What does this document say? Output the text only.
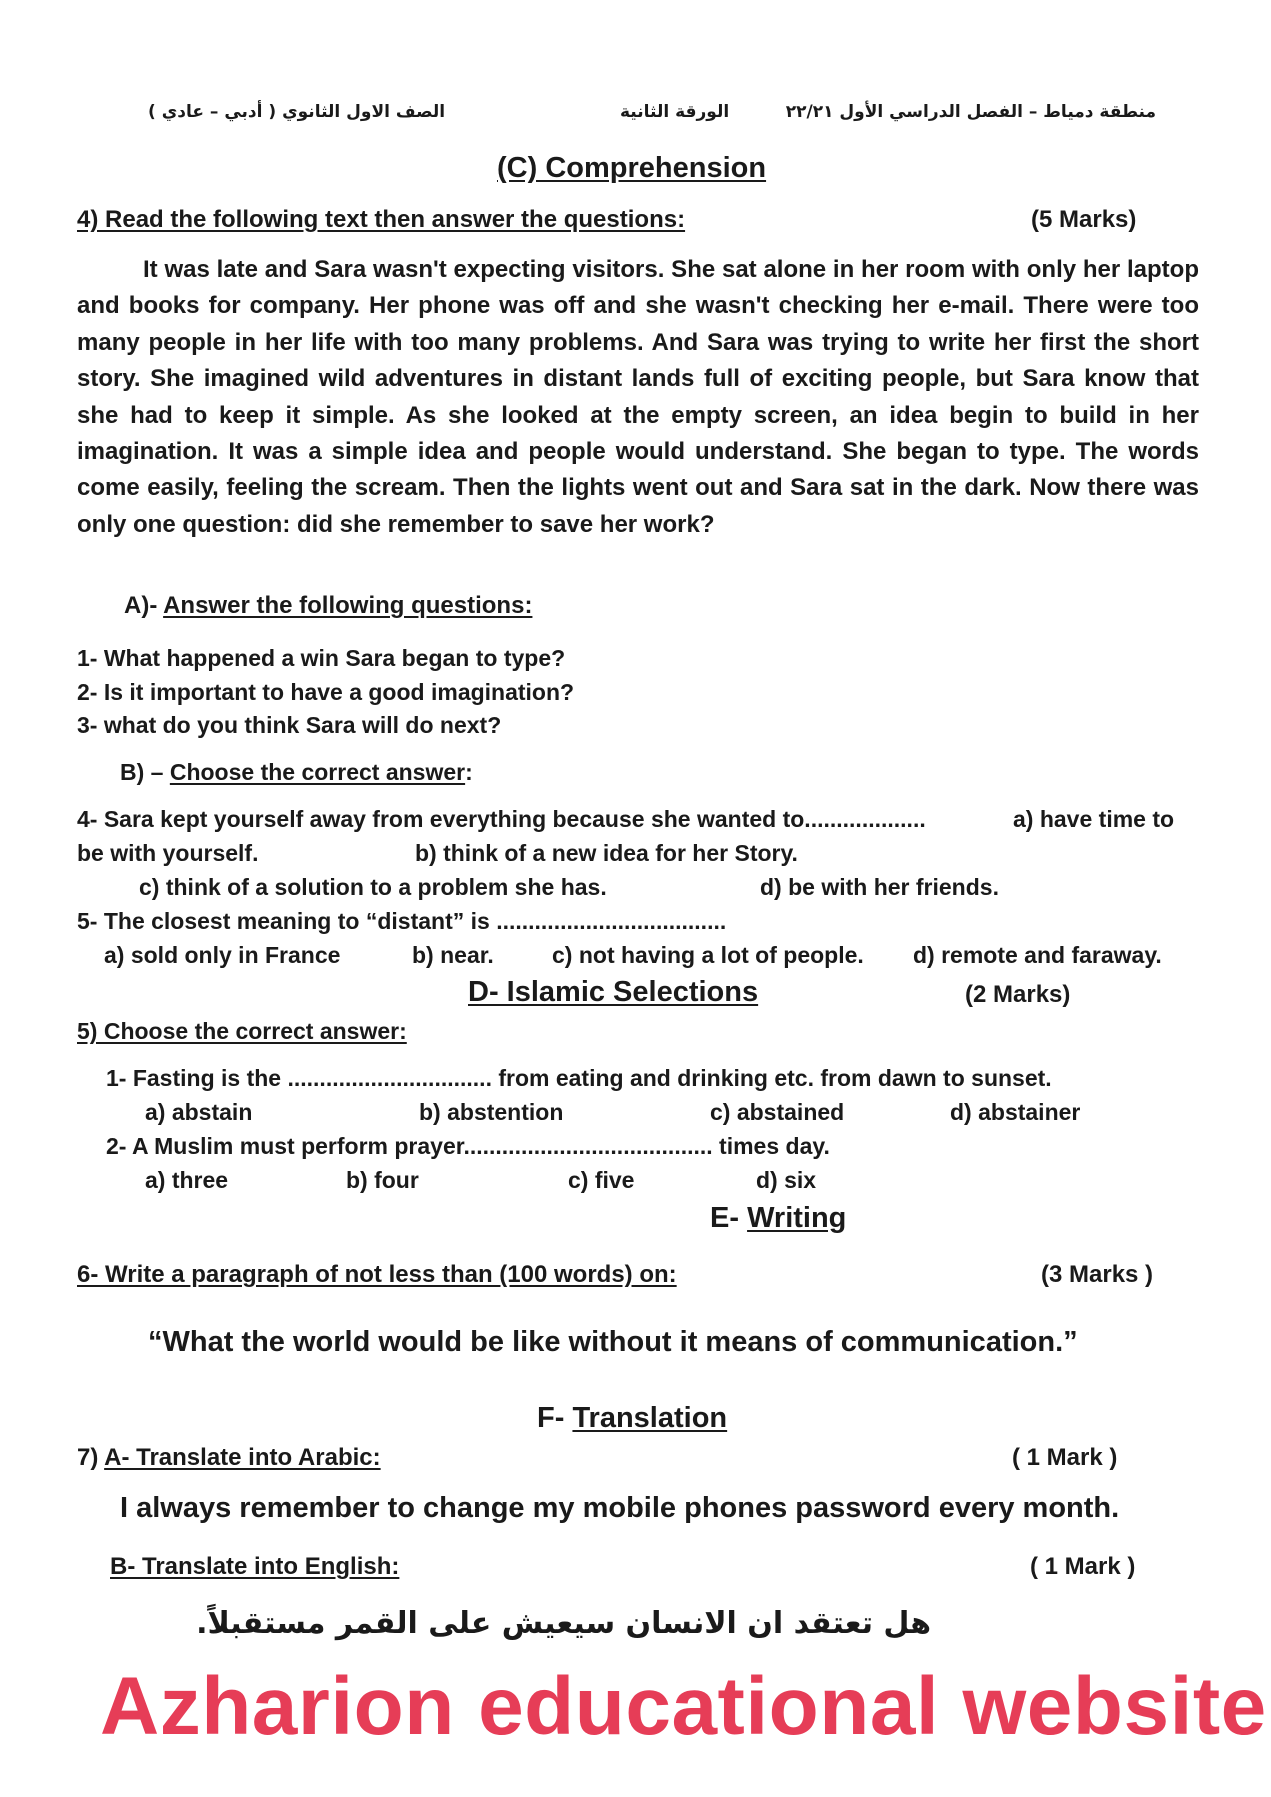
منطقة دمياط – الفصل الدراسي الأول ٢٢/٢١
الورقة الثانية
الصف الاول الثانوي ( أدبي – عادي )
(C) Comprehension
4) Read the following text then answer the questions:	(5 Marks)
It was late and Sara wasn't expecting visitors. She sat alone in her room with only her laptop and books for company. Her phone was off and she wasn't checking her e-mail. There were too many people in her life with too many problems. And Sara was trying to write her first the short story. She imagined wild adventures in distant lands full of exciting people, but Sara know that she had to keep it simple. As she looked at the empty screen, an idea begin to build in her imagination. It was a simple idea and people would understand. She began to type. The words come easily, feeling the scream. Then the lights went out and Sara sat in the dark. Now there was only one question: did she remember to save her work?
A)- Answer the following questions:
1- What happened a win Sara began to type?
2- Is it important to have a good imagination?
3- what do you think Sara will do next?
B) – Choose the correct answer:
4- Sara kept yourself away from everything because she wanted to...................	a) have time to
be with yourself.	b) think of a new idea for her Story.
c) think of a solution to a problem she has.	d) be with her friends.
5- The closest meaning to “distant” is ....................................
a) sold only in France	b) near.	c) not having a lot of people. d) remote and faraway.
D- Islamic Selections	(2 Marks)
5) Choose the correct answer:
1- Fasting is the ................................ from eating and drinking etc. from dawn to sunset.
a) abstain	b) abstention	c) abstained	d) abstainer
2- A Muslim must perform prayer....................................... times day.
a) three	b) four	c) five	d) six
E- Writing
6- Write a paragraph of not less than (100 words) on:	(3 Marks )
“What the world would be like without it means of communication.”
F- Translation
7) A- Translate into Arabic:	( 1 Mark )
I always remember to change my mobile phones password every month.
B- Translate into English:	( 1 Mark )
هل تعتقد ان الانسان سيعيش على القمر مستقبلاً.
Azharion educational website
